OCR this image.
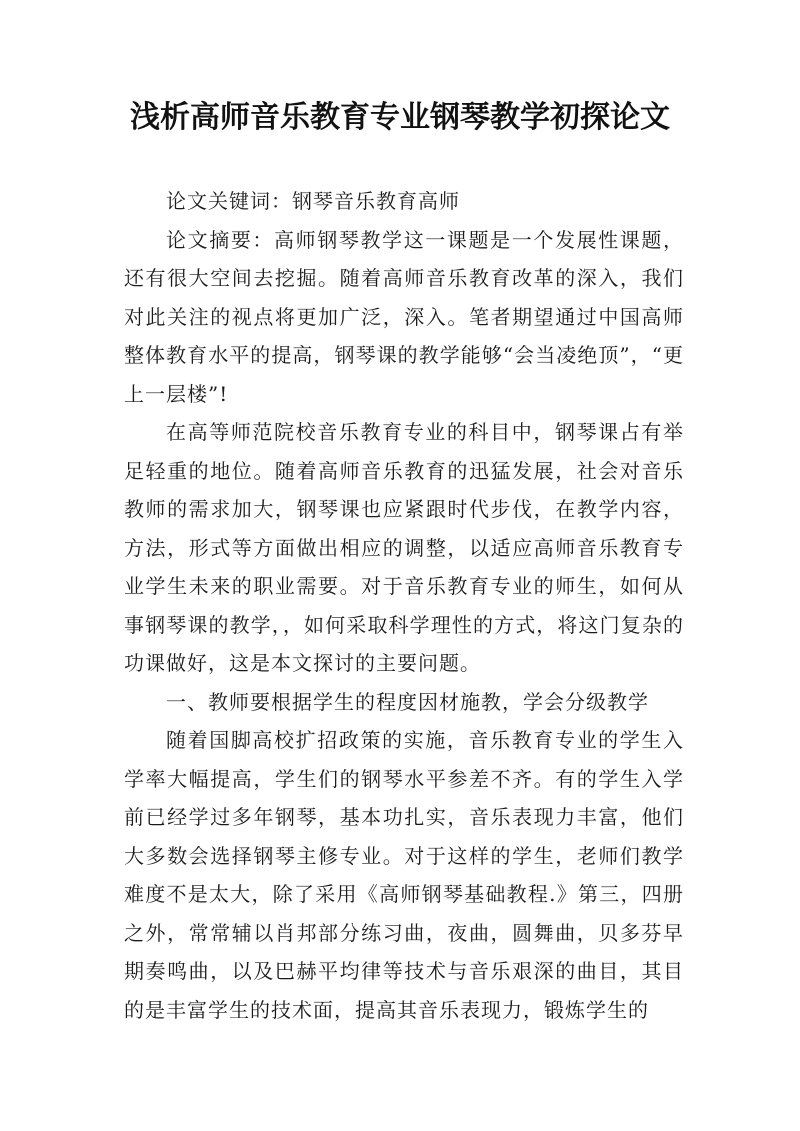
浅析高师音乐教育专业钢琴教学初探论文

论文关键词：钢琴音乐教育高师

论文摘要：高师钢琴教学这一课题是一个发展性课题，还有很大空间去挖掘。随着高师音乐教育改革的深入，我们对此关注的视点将更加广泛，深入。笔者期望通过中国高师整体教育水平的提高，钢琴课的教学能够“会当凌绝顶”，“更上一层楼”!

在高等师范院校音乐教育专业的科目中，钢琴课占有举足轻重的地位。随着高师音乐教育的迅猛发展，社会对音乐教师的需求加大，钢琴课也应紧跟时代步伐，在教学内容，方法，形式等方面做出相应的调整，以适应高师音乐教育专业学生未来的职业需要。对于音乐教育专业的师生，如何从事钢琴课的教学，，如何采取科学理性的方式，将这门复杂的功课做好，这是本文探讨的主要问题。

一、教师要根据学生的程度因材施教，学会分级教学

随着国脚高校扩招政策的实施，音乐教育专业的学生入学率大幅提高，学生们的钢琴水平参差不齐。有的学生入学前已经学过多年钢琴，基本功扎实，音乐表现力丰富，他们大多数会选择钢琴主修专业。对于这样的学生，老师们教学难度不是太大，除了采用《高师钢琴基础教程.》第三，四册之外，常常辅以肖邦部分练习曲，夜曲，圆舞曲，贝多芬早期奏鸣曲，以及巴赫平均律等技术与音乐艰深的曲目，其目的是丰富学生的技术面，提高其音乐表现力，锻炼学生的
